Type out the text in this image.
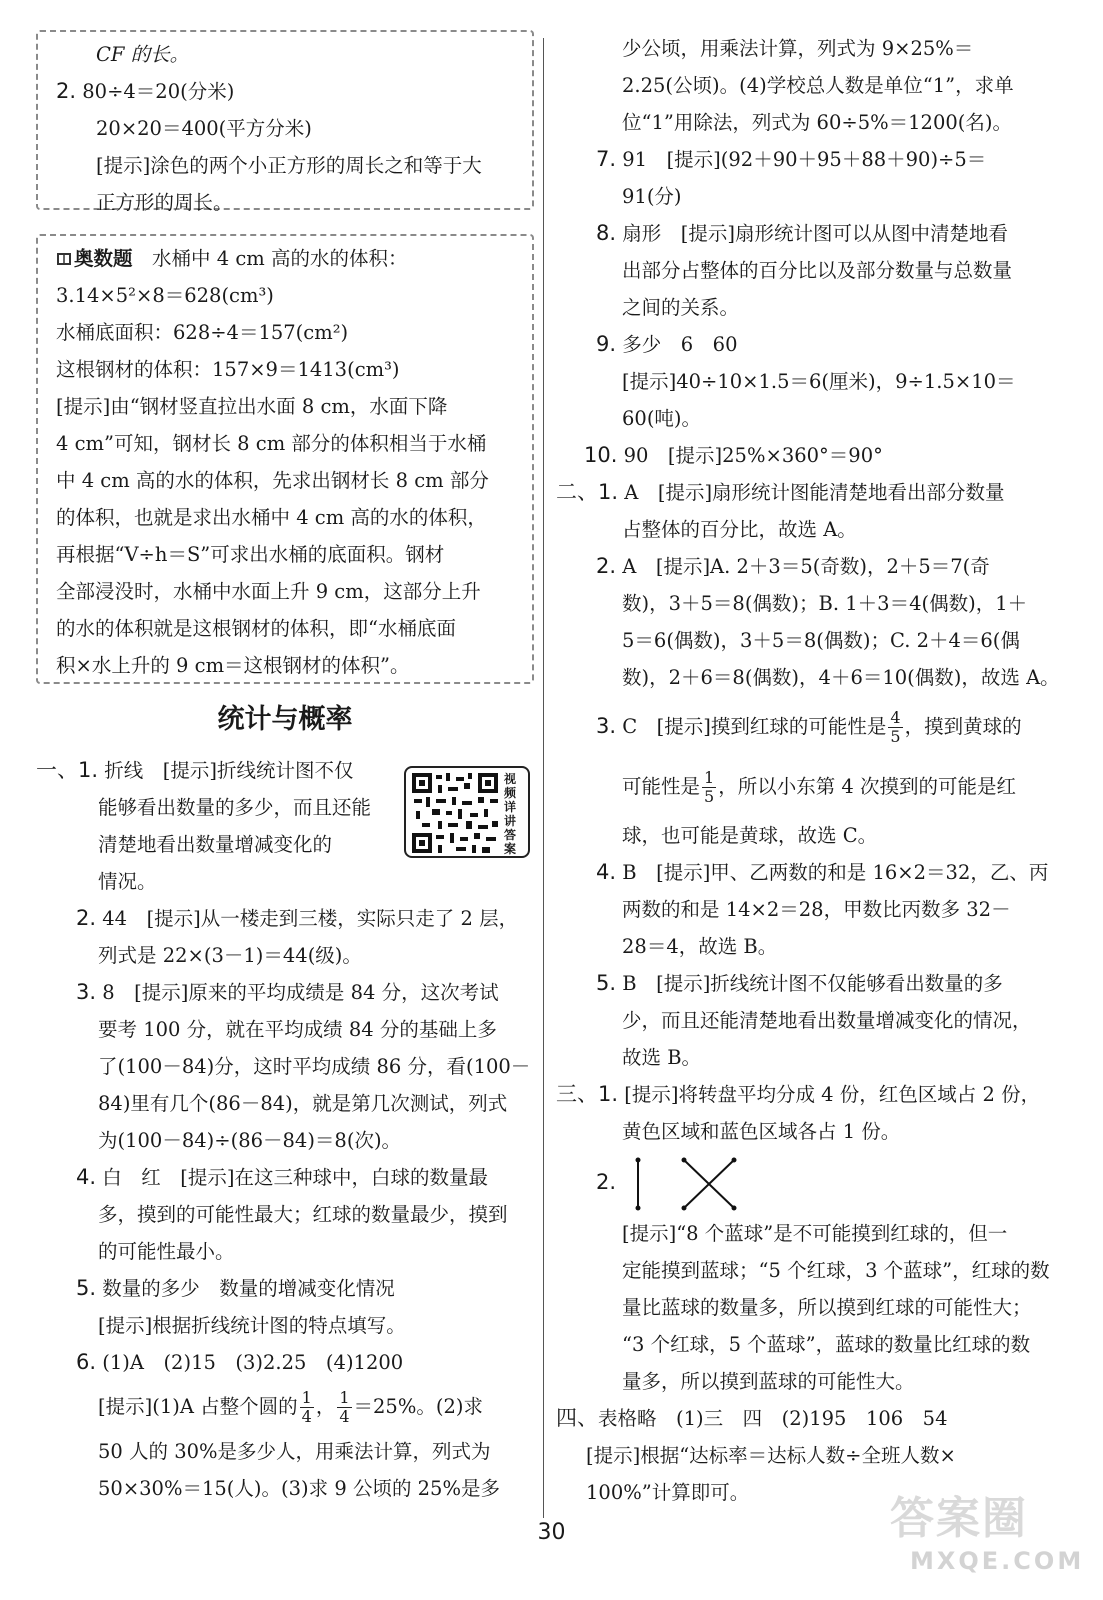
CF 的长。
2. 80÷4＝20(分米)
20×20＝400(平方分米)
[提示]涂色的两个小正方形的周长之和等于大
正方形的周长。
奥数题　 水桶中 4 cm 高的水的体积：
3.14×5²×8＝628(cm³)
水桶底面积：628÷4＝157(cm²)
这根钢材的体积：157×9＝1413(cm³)
[提示]由“钢材竖直拉出水面 8 cm，水面下降
4 cm”可知，钢材长 8 cm 部分的体积相当于水桶
中 4 cm 高的水的体积，先求出钢材长 8 cm 部分
的体积，也就是求出水桶中 4 cm 高的水的体积，
再根据“V÷h＝S”可求出水桶的底面积。钢材
全部浸没时，水桶中水面上升 9 cm，这部分上升
的水的体积就是这根钢材的体积，即“水桶底面
积×水上升的 9 cm＝这根钢材的体积”。
统计与概率
一、1. 折线　[提示]折线统计图不仅
能够看出数量的多少，而且还能
清楚地看出数量增减变化的
情况。
2. 44　[提示]从一楼走到三楼，实际只走了 2 层，
列式是 22×(3－1)＝44(级)。
3. 8　[提示]原来的平均成绩是 84 分，这次考试
要考 100 分，就在平均成绩 84 分的基础上多
了(100－84)分，这时平均成绩 86 分，看(100－
84)里有几个(86－84)，就是第几次测试，列式
为(100－84)÷(86－84)＝8(次)。
4. 白　红　[提示]在这三种球中，白球的数量最
多，摸到的可能性最大；红球的数量最少，摸到
的可能性最小。
5. 数量的多少　数量的增减变化情况
[提示]根据折线统计图的特点填写。
6. (1)A　(2)15　(3)2.25　(4)1200
[提示](1)A 占整个圆的 $\frac{1}{4}$ ， $\frac{1}{4} =25\%$。(2)求
50 人的 30%是多少人，用乘法计算，列式为
50×30%＝15(人)。(3)求 9 公顷的 25%是多
视频详讲答案
少公顷，用乘法计算，列式为 9×25%＝
2.25(公顷)。(4)学校总人数是单位“1”，求单
位“1”用除法，列式为 60÷5%＝1200(名)。
7. 91　[提示](92＋90＋95＋88＋90)÷5＝
91(分)
8. 扇形　[提示]扇形统计图可以从图中清楚地看
出部分占整体的百分比以及部分数量与总数量
之间的关系。
9. 多少　6　60
[提示]40÷10×1.5＝6(厘米)，9÷1.5×10＝
60(吨)。
10. 90　[提示]25%×360°＝90°
二、1. A　[提示]扇形统计图能清楚地看出部分数量
占整体的百分比，故选 A。
2. A　[提示]A. 2＋3＝5(奇数)，2＋5＝7(奇
数)，3＋5＝8(偶数)；B. 1＋3＝4(偶数)，1＋
5＝6(偶数)，3＋5＝8(偶数)；C. 2＋4＝6(偶
数)，2＋6＝8(偶数)，4＋6＝10(偶数)，故选 A。
3. C　[提示]摸到红球的可能性是 $\frac{4}{5}$ ，摸到黄球的
可能性是 $\frac{1}{5}$ ，所以小东第 4 次摸到的可能是红
球，也可能是黄球，故选 C。
4. B　[提示]甲、乙两数的和是 16×2＝32，乙、丙
两数的和是 14×2＝28，甲数比丙数多 32－
28＝4，故选 B。
5. B　[提示]折线统计图不仅能够看出数量的多
少，而且还能清楚地看出数量增减变化的情况，
故选 B。
三、1. [提示]将转盘平均分成 4 份，红色区域占 2 份，
黄色区域和蓝色区域各占 1 份。
2.
[提示]“8 个蓝球”是不可能摸到红球的，但一
定能摸到蓝球；“5 个红球，3 个蓝球”，红球的数
量比蓝球的数量多，所以摸到红球的可能性大；
“3 个红球，5 个蓝球”，蓝球的数量比红球的数
量多，所以摸到蓝球的可能性大。
四、表格略　(1)三　四　(2)195　106　54
[提示]根据“达标率＝达标人数÷全班人数×
100%”计算即可。
30	答案圈
MXQE.COM
